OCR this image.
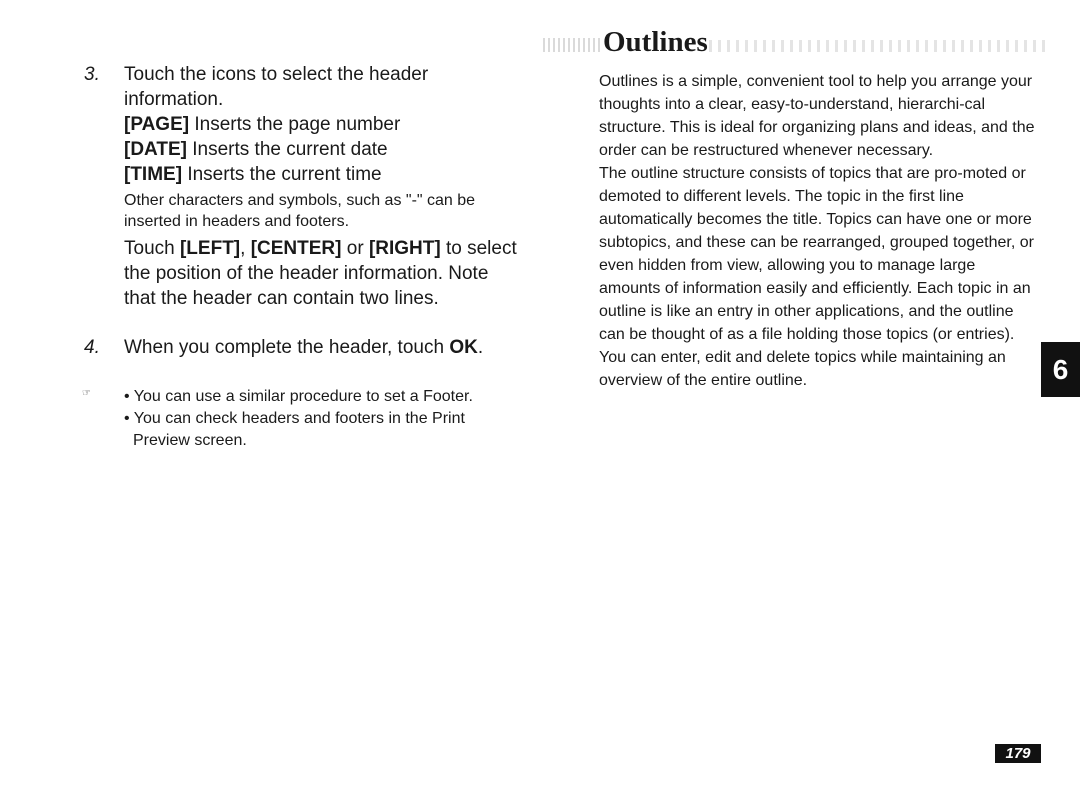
3. Touch the icons to select the header information.

[PAGE] Inserts the page number

[DATE] Inserts the current date

[TIME] Inserts the current time

Other characters and symbols, such as "-" can be inserted in headers and footers.

Touch [LEFT], [CENTER] or [RIGHT] to select the position of the header information. Note that the header can contain two lines.

4. When you complete the header, touch OK.

☞	• You can use a similar procedure to set a Footer.

• You can check headers and footers in the Print

Preview screen.

Outlines

Outlines is a simple, convenient tool to help you arrange your thoughts into a clear, easy-to-understand, hierarchi-cal structure. This is ideal for organizing plans and ideas, and the order can be restructured whenever necessary.

The outline structure consists of topics that are pro-moted or demoted to different levels. The topic in the first line automatically becomes the title. Topics can have one or more subtopics, and these can be rearranged, grouped together, or even hidden from view, allowing you to manage large amounts of information easily and efficiently. Each topic in an outline is like an entry in other applications, and the outline can be thought of as a file holding those topics (or entries). You can enter, edit and delete topics while maintaining an overview of the entire outline.	6
179
